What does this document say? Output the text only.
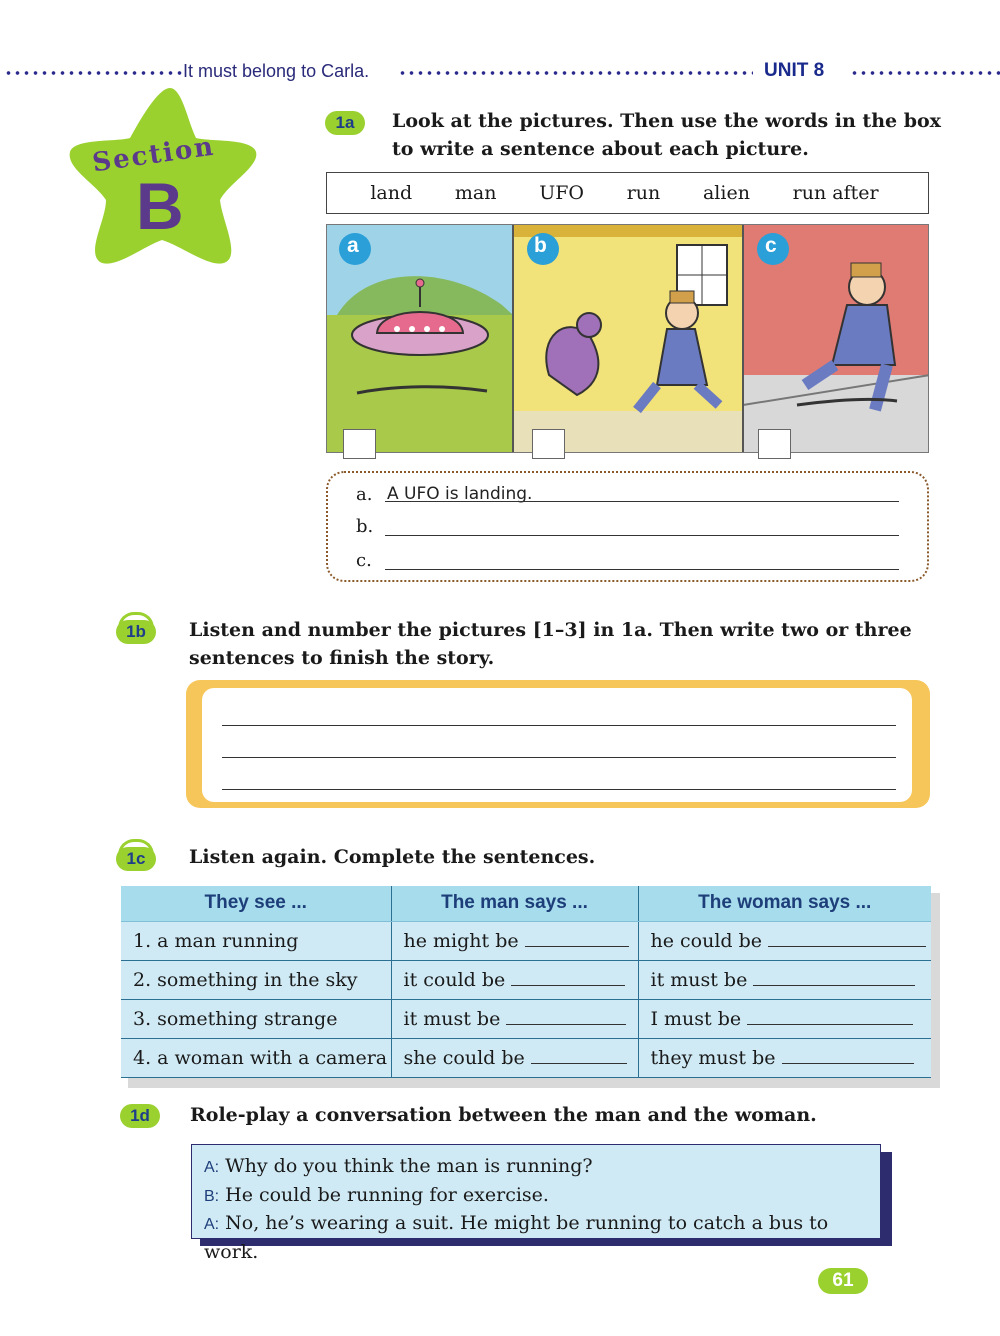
It must belong to Carla.	UNIT 8
Section
B
1a	Look at the pictures. Then use the words in the box
to write a sentence about each picture.
land man UFO run alien run after
a	b	c
a. A UFO is landing.
b.
c.
1b	Listen and number the pictures [1–3] in 1a. Then write two or three
sentences to finish the story.
1c	Listen again. Complete the sentences.
They see ...	The man says ...	The woman says ...
1. a man running	he might be	he could be
2. something in the sky	it could be	it must be
3. something strange	it must be	I must be
4. a woman with a camera	she could be	they must be
1d	Role-play a conversation between the man and the woman.
A: Why do you think the man is running?
B: He could be running for exercise.
A: No, he’s wearing a suit. He might be running to catch a bus to work.
61
